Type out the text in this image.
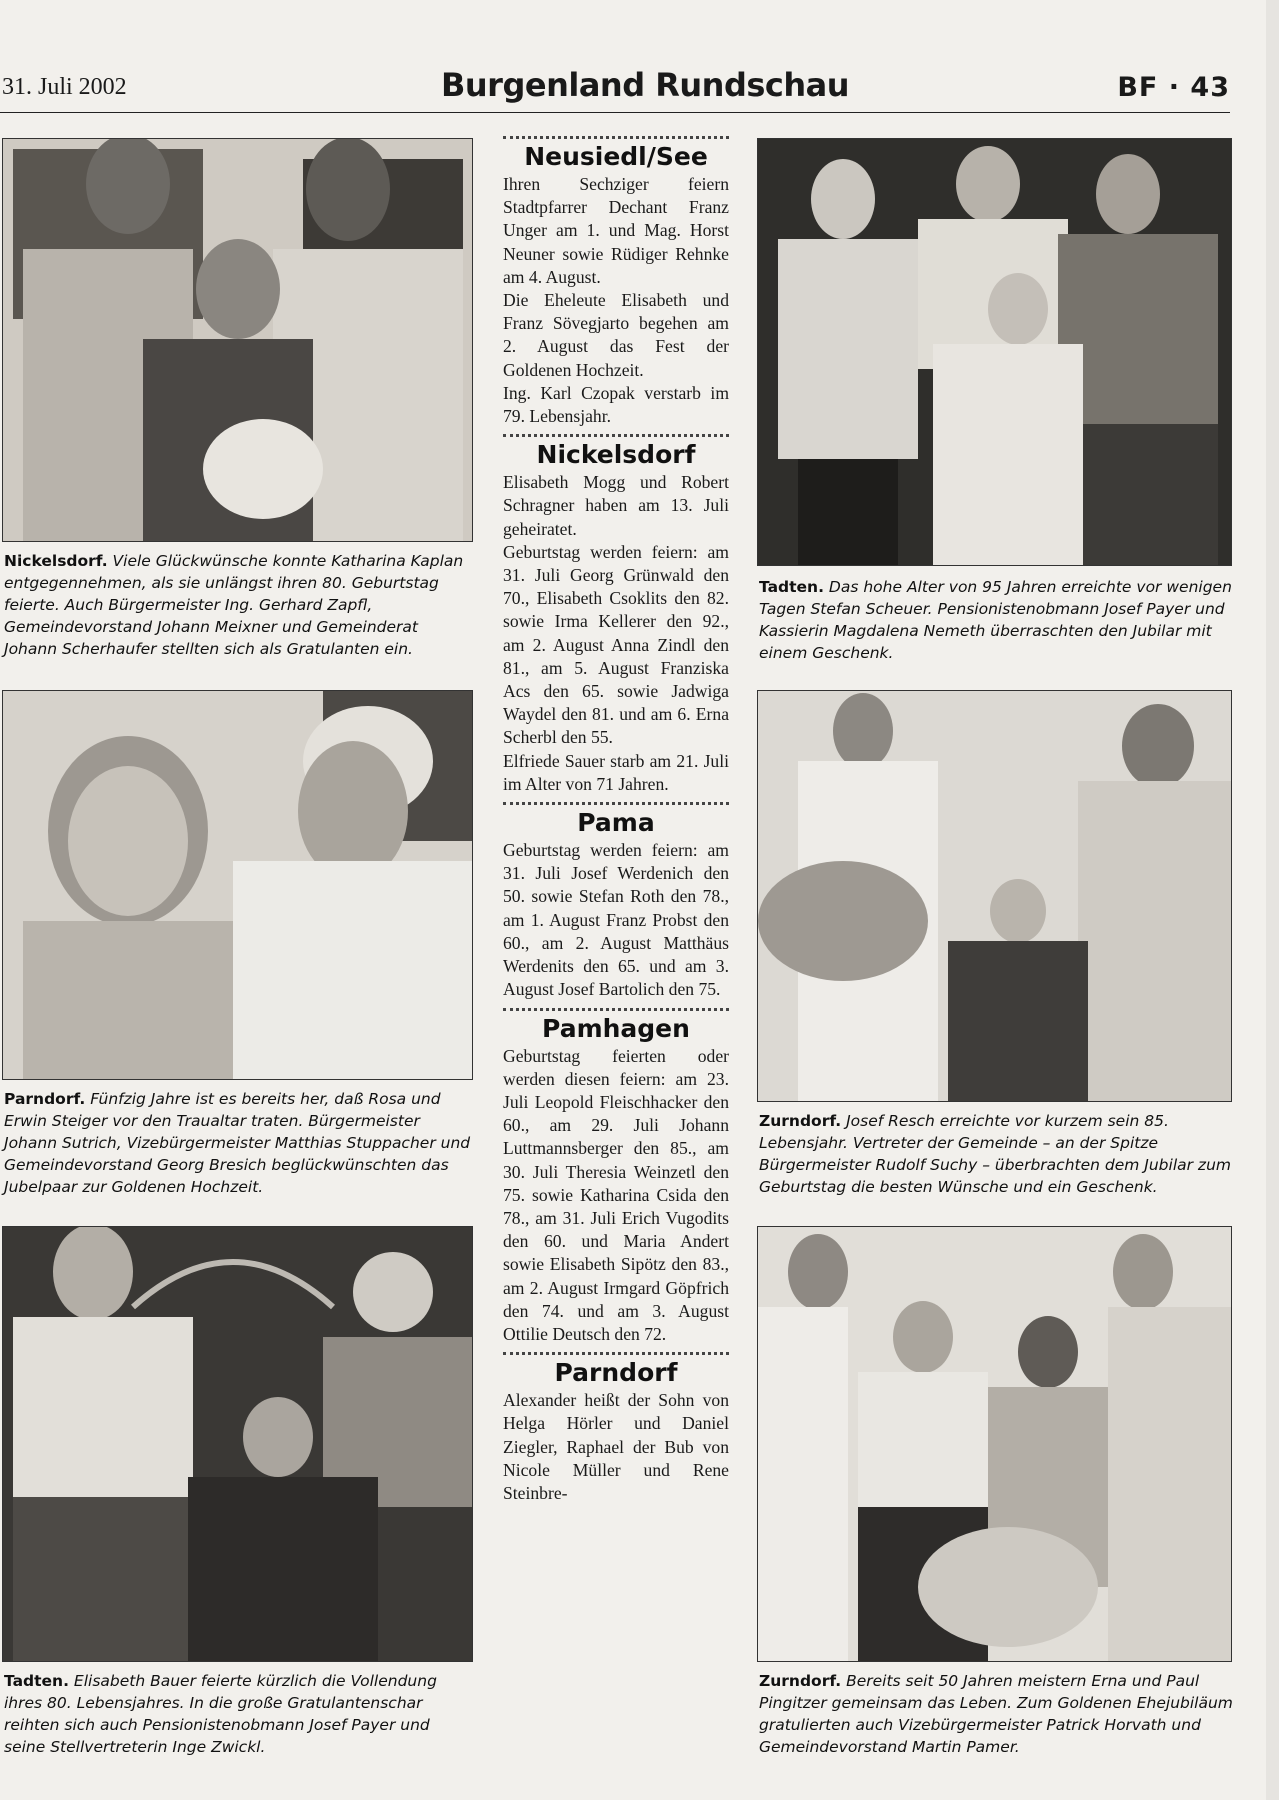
31. Juli 2002	Burgenland Rundschau	BF · 43
Nickelsdorf. Viele Glückwünsche konnte Katharina Kaplan entgegennehmen, als sie unlängst ihren 80. Geburtstag feierte. Auch Bürgermeister Ing. Gerhard Zapfl, Gemeindevorstand Johann Meixner und Gemeinderat Johann Scherhaufer stellten sich als Gratulanten ein.
Parndorf. Fünfzig Jahre ist es bereits her, daß Rosa und Erwin Steiger vor den Traualtar traten. Bürgermeister Johann Sutrich, Vizebürgermeister Matthias Stuppacher und Gemeindevorstand Georg Bresich beglückwünschten das Jubelpaar zur Goldenen Hochzeit.
Tadten. Elisabeth Bauer feierte kürzlich die Vollendung ihres 80. Lebensjahres. In die große Gratulantenschar reihten sich auch Pensionistenobmann Josef Payer und seine Stellvertreterin Inge Zwickl.
Neusiedl/See

Ihren Sechziger feiern Stadtpfarrer Dechant Franz Unger am 1. und Mag. Horst Neuner sowie Rüdiger Rehnke am 4. August.

Die Eheleute Elisabeth und Franz Sövegjarto begehen am 2. August das Fest der Goldenen Hochzeit.

Ing. Karl Czopak verstarb im 79. Lebensjahr.

Nickelsdorf

Elisabeth Mogg und Robert Schragner haben am 13. Juli geheiratet.

Geburtstag werden feiern: am 31. Juli Georg Grünwald den 70., Elisabeth Csoklits den 82. sowie Irma Kellerer den 92., am 2. August Anna Zindl den 81., am 5. August Franziska Acs den 65. sowie Jadwiga Waydel den 81. und am 6. Erna Scherbl den 55.

Elfriede Sauer starb am 21. Juli im Alter von 71 Jahren.

Pama

Geburtstag werden feiern: am 31. Juli Josef Werdenich den 50. sowie Stefan Roth den 78., am 1. August Franz Probst den 60., am 2. August Matthäus Werdenits den 65. und am 3. August Josef Bartolich den 75.

Pamhagen

Geburtstag feierten oder werden diesen feiern: am 23. Juli Leopold Fleischhacker den 60., am 29. Juli Johann Luttmannsberger den 85., am 30. Juli Theresia Weinzetl den 75. sowie Katharina Csida den 78., am 31. Juli Erich Vugodits den 60. und Maria Andert sowie Elisabeth Sipötz den 83., am 2. August Irmgard Göpfrich den 74. und am 3. August Ottilie Deutsch den 72.

Parndorf

Alexander heißt der Sohn von Helga Hörler und Daniel Ziegler, Raphael der Bub von Nicole Müller und Rene Steinbre-

Tadten. Das hohe Alter von 95 Jahren erreichte vor wenigen Tagen Stefan Scheuer. Pensionistenobmann Josef Payer und Kassierin Magdalena Nemeth überraschten den Jubilar mit einem Geschenk.
Zurndorf. Josef Resch erreichte vor kurzem sein 85. Lebensjahr. Vertreter der Gemeinde – an der Spitze Bürgermeister Rudolf Suchy – überbrachten dem Jubilar zum Geburtstag die besten Wünsche und ein Geschenk.
Zurndorf. Bereits seit 50 Jahren meistern Erna und Paul Pingitzer gemeinsam das Leben. Zum Goldenen Ehejubiläum gratulierten auch Vizebürgermeister Patrick Horvath und Gemeindevorstand Martin Pamer.
